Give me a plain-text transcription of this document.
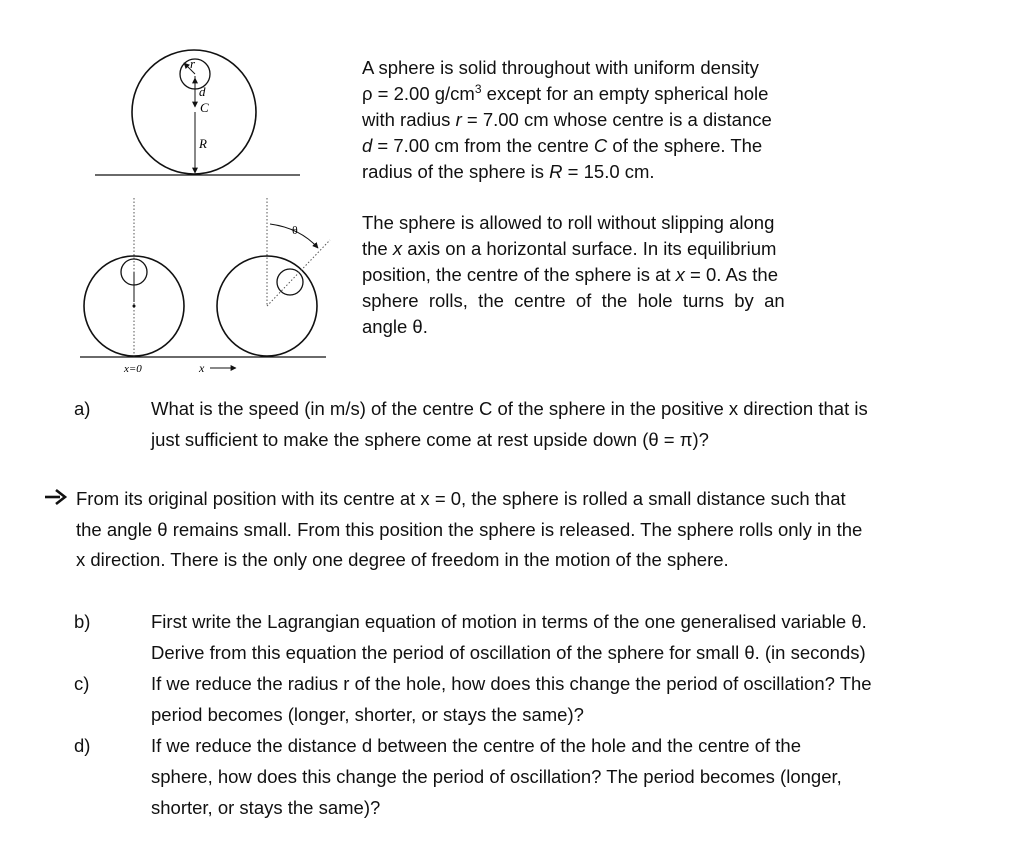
r
d
C
R
θ
x=0	x
A sphere is solid throughout with uniform density
ρ = 2.00 $g/cm^3$ except for an empty spherical hole
with radius r = 7.00 cm whose centre is a distance
d = 7.00 cm from the centre C of the sphere. The
radius of the sphere is R = 15.0 cm.
The sphere is allowed to roll without slipping along
the x axis on a horizontal surface. In its equilibrium
position, the centre of the sphere is at x = 0. As the
sphere  rolls,  the  centre  of  the  hole  turns  by  an
angle θ.
a)	What is the speed (in m/s) of the centre C of the sphere in the positive x direction that is
just sufficient to make the sphere come at rest upside down (θ = π)?
From its original position with its centre at x = 0, the sphere is rolled a small distance such that
the angle θ remains small. From this position the sphere is released. The sphere rolls only in the
x direction. There is the only one degree of freedom in the motion of the sphere.
b)	First write the Lagrangian equation of motion in terms of the one generalised variable θ.
Derive from this equation the period of oscillation of the sphere for small θ. (in seconds)
c)	If we reduce the radius r of the hole, how does this change the period of oscillation? The
period becomes (longer, shorter, or stays the same)?
d)	If we reduce the distance d between the centre of the hole and the centre of the
sphere, how does this change the period of oscillation? The period becomes (longer,
shorter, or stays the same)?
